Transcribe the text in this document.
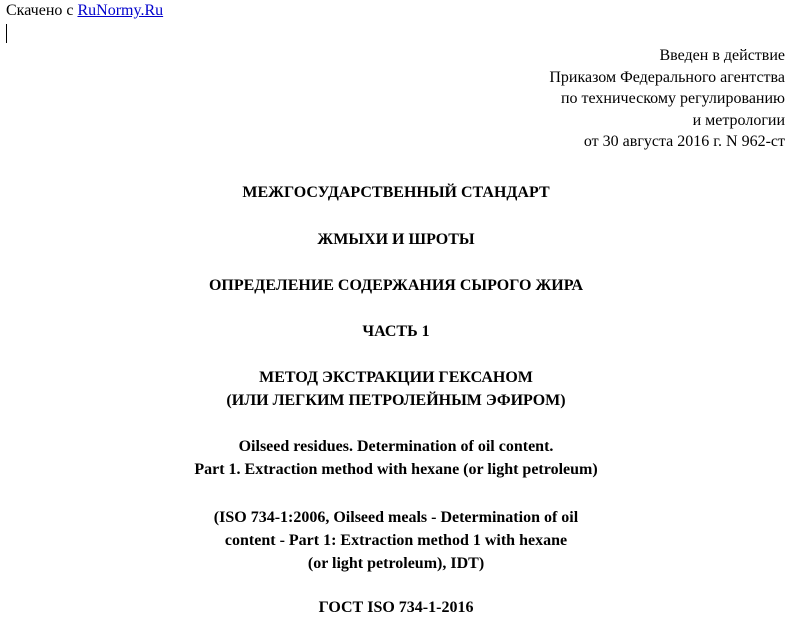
Скачено с RuNormy.Ru
Введен в действие
Приказом Федерального агентства
по техническому регулированию
и метрологии
от 30 августа 2016 г. N 962-ст
МЕЖГОСУДАРСТВЕННЫЙ СТАНДАРТ
ЖМЫХИ И ШРОТЫ
ОПРЕДЕЛЕНИЕ СОДЕРЖАНИЯ СЫРОГО ЖИРА
ЧАСТЬ 1
МЕТОД ЭКСТРАКЦИИ ГЕКСАНОМ
(ИЛИ ЛЕГКИМ ПЕТРОЛЕЙНЫМ ЭФИРОМ)
Oilseed residues. Determination of oil content.
Part 1. Extraction method with hexane (or light petroleum)
(ISO 734-1:2006, Oilseed meals - Determination of oil
content - Part 1: Extraction method 1 with hexane
(or light petroleum), IDT)
ГОСТ ISO 734-1-2016
